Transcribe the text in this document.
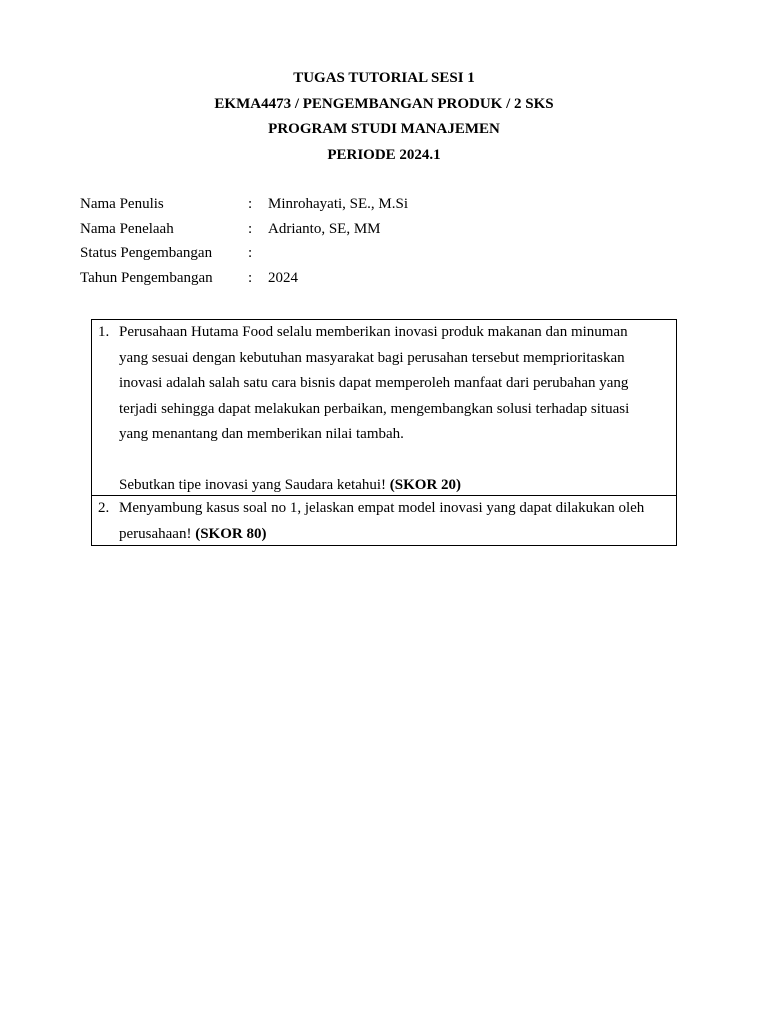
TUGAS TUTORIAL SESI 1
EKMA4473 / PENGEMBANGAN PRODUK / 2 SKS
PROGRAM STUDI MANAJEMEN
PERIODE 2024.1
Nama Penulis	: Minrohayati, SE., M.Si
Nama Penelaah	: Adrianto, SE, MM
Status Pengembangan :
Tahun Pengembangan : 2024
1. Perusahaan Hutama Food selalu memberikan inovasi produk makanan dan minuman

yang sesuai dengan kebutuhan masyarakat bagi perusahan tersebut memprioritaskan

inovasi adalah salah satu cara bisnis dapat memperoleh manfaat dari perubahan yang

terjadi sehingga dapat melakukan perbaikan, mengembangkan solusi terhadap situasi

yang menantang dan memberikan nilai tambah.

Sebutkan tipe inovasi yang Saudara ketahui! (SKOR 20)

2. Menyambung kasus soal no 1, jelaskan empat model inovasi yang dapat dilakukan oleh

perusahaan! (SKOR 80)
